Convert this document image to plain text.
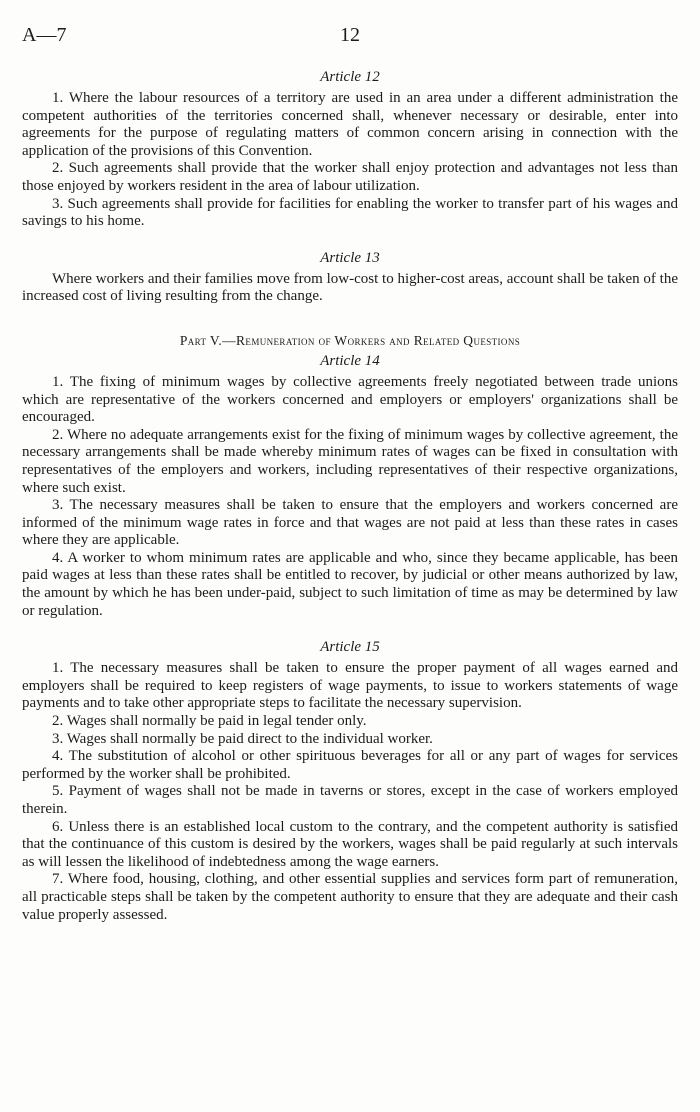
A—7	12
Article 12

1. Where the labour resources of a territory are used in an area under a different administration the competent authorities of the territories concerned shall, whenever necessary or desirable, enter into agreements for the purpose of regulating matters of common concern arising in connection with the application of the provisions of this Convention.

2. Such agreements shall provide that the worker shall enjoy protection and advantages not less than those enjoyed by workers resident in the area of labour utilization.

3. Such agreements shall provide for facilities for enabling the worker to transfer part of his wages and savings to his home.

Article 13

Where workers and their families move from low-cost to higher-cost areas, account shall be taken of the increased cost of living resulting from the change.

Part V.—Remuneration of Workers and Related Questions
Article 14

1. The fixing of minimum wages by collective agreements freely negotiated between trade unions which are representative of the workers concerned and employers or employers' organizations shall be encouraged.

2. Where no adequate arrangements exist for the fixing of minimum wages by collective agreement, the necessary arrangements shall be made whereby minimum rates of wages can be fixed in consultation with representatives of the employers and workers, including representatives of their respective organizations, where such exist.

3. The necessary measures shall be taken to ensure that the employers and workers concerned are informed of the minimum wage rates in force and that wages are not paid at less than these rates in cases where they are applicable.

4. A worker to whom minimum rates are applicable and who, since they became applicable, has been paid wages at less than these rates shall be entitled to recover, by judicial or other means authorized by law, the amount by which he has been under-paid, subject to such limitation of time as may be determined by law or regulation.

Article 15

1. The necessary measures shall be taken to ensure the proper payment of all wages earned and employers shall be required to keep registers of wage payments, to issue to workers statements of wage payments and to take other appropriate steps to facilitate the necessary supervision.

2. Wages shall normally be paid in legal tender only.

3. Wages shall normally be paid direct to the individual worker.

4. The substitution of alcohol or other spirituous beverages for all or any part of wages for services performed by the worker shall be prohibited.

5. Payment of wages shall not be made in taverns or stores, except in the case of workers employed therein.

6. Unless there is an established local custom to the contrary, and the competent authority is satisfied that the continuance of this custom is desired by the workers, wages shall be paid regularly at such intervals as will lessen the likelihood of indebtedness among the wage earners.

7. Where food, housing, clothing, and other essential supplies and services form part of remuneration, all practicable steps shall be taken by the competent authority to ensure that they are adequate and their cash value properly assessed.
